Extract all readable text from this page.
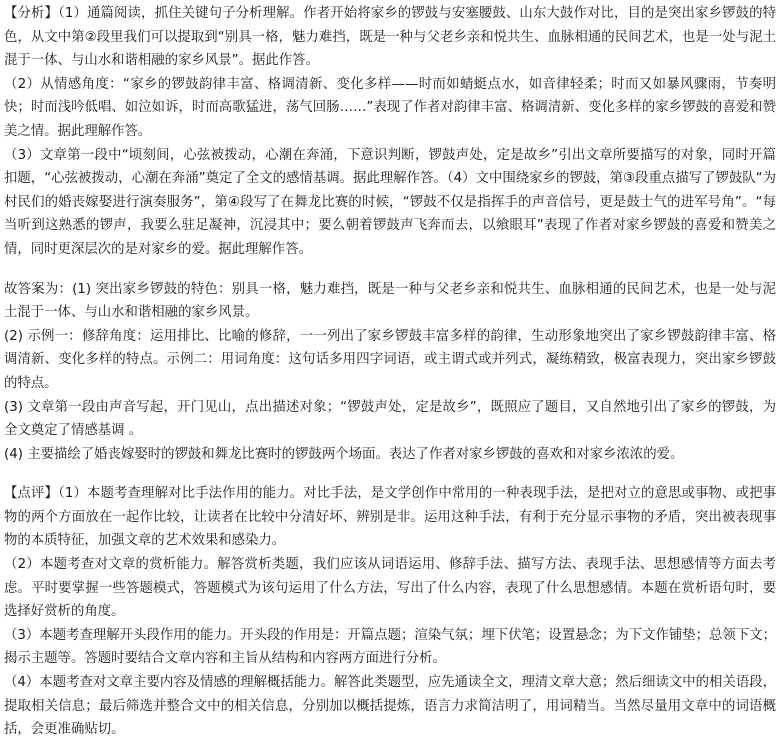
【分析】（1）通篇阅读，抓住关键句子分析理解。作者开始将家乡的锣鼓与安塞腰鼓、山东大鼓作对比，目的是突出家乡锣鼓的特色，从文中第②段里我们可以提取到“别具一格，魅力难挡，既是一种与父老乡亲和悦共生、血脉相通的民间艺术，也是一处与泥土混于一体、与山水和谐相融的家乡风景”。据此作答。

（2）从情感角度：“家乡的锣鼓韵律丰富、格调清新、变化多样——时而如蜻蜓点水，如音律轻柔；时而又如暴风骤雨，节奏明快；时而浅吟低唱、如泣如诉，时而高歌猛进，荡气回肠……”表现了作者对韵律丰富、格调清新、变化多样的家乡锣鼓的喜爱和赞美之情。据此理解作答。

（3）文章第一段中“顷刻间，心弦被拨动，心潮在奔涌，下意识判断，锣鼓声处，定是故乡”引出文章所要描写的对象，同时开篇扣题，“心弦被拨动，心潮在奔涌”奠定了全文的感情基调。据此理解作答。（4）文中围绕家乡的锣鼓，第③段重点描写了锣鼓队“为村民们的婚丧嫁娶进行演奏服务”，第④段写了在舞龙比赛的时候，“锣鼓不仅是指挥手的声音信号，更是鼓士气的进军号角”。“每当听到这熟悉的锣声，我要么驻足凝神，沉浸其中；要么朝着锣鼓声飞奔而去，以飨眼耳”表现了作者对家乡锣鼓的喜爱和赞美之情，同时更深层次的是对家乡的爱。据此理解作答。

故答案为：(1) 突出家乡锣鼓的特色：别具一格，魅力难挡，既是一种与父老乡亲和悦共生、血脉相通的民间艺术，也是一处与泥土混于一体、与山水和谐相融的家乡风景。

(2) 示例一：修辞角度：运用排比、比喻的修辞，一一列出了家乡锣鼓丰富多样的韵律，生动形象地突出了家乡锣鼓韵律丰富、格调清新、变化多样的特点。示例二：用词角度：这句话多用四字词语，或主谓式或并列式，凝练精致，极富表现力，突出家乡锣鼓的特点。

(3) 文章第一段由声音写起，开门见山，点出描述对象；“锣鼓声处，定是故乡”，既照应了题目，又自然地引出了家乡的锣鼓，为全文奠定了情感基调 。

(4) 主要描绘了婚丧嫁娶时的锣鼓和舞龙比赛时的锣鼓两个场面。表达了作者对家乡锣鼓的喜欢和对家乡浓浓的爱。

【点评】（1）本题考查理解对比手法作用的能力。对比手法，是文学创作中常用的一种表现手法，是把对立的意思或事物、或把事物的两个方面放在一起作比较，让读者在比较中分清好坏、辨别是非。运用这种手法，有利于充分显示事物的矛盾，突出被表现事物的本质特征，加强文章的艺术效果和感染力。

（2）本题考查对文章的赏析能力。解答赏析类题，我们应该从词语运用、修辞手法、描写方法、表现手法、思想感情等方面去考虑。平时要掌握一些答题模式，答题模式为该句运用了什么方法，写出了什么内容，表现了什么思想感情。本题在赏析语句时，要选择好赏析的角度。

（3）本题考查理解开头段作用的能力。开头段的作用是：开篇点题；渲染气氛；埋下伏笔；设置悬念；为下文作铺垫；总领下文；揭示主题等。答题时要结合文章内容和主旨从结构和内容两方面进行分析。

（4）本题考查对文章主要内容及情感的理解概括能力。解答此类题型，应先通读全文，理清文章大意；然后细读文中的相关语段，提取相关信息；最后筛选并整合文中的相关信息，分别加以概括提炼，语言力求简洁明了，用词精当。当然尽量用文章中的词语概括，会更准确贴切。
